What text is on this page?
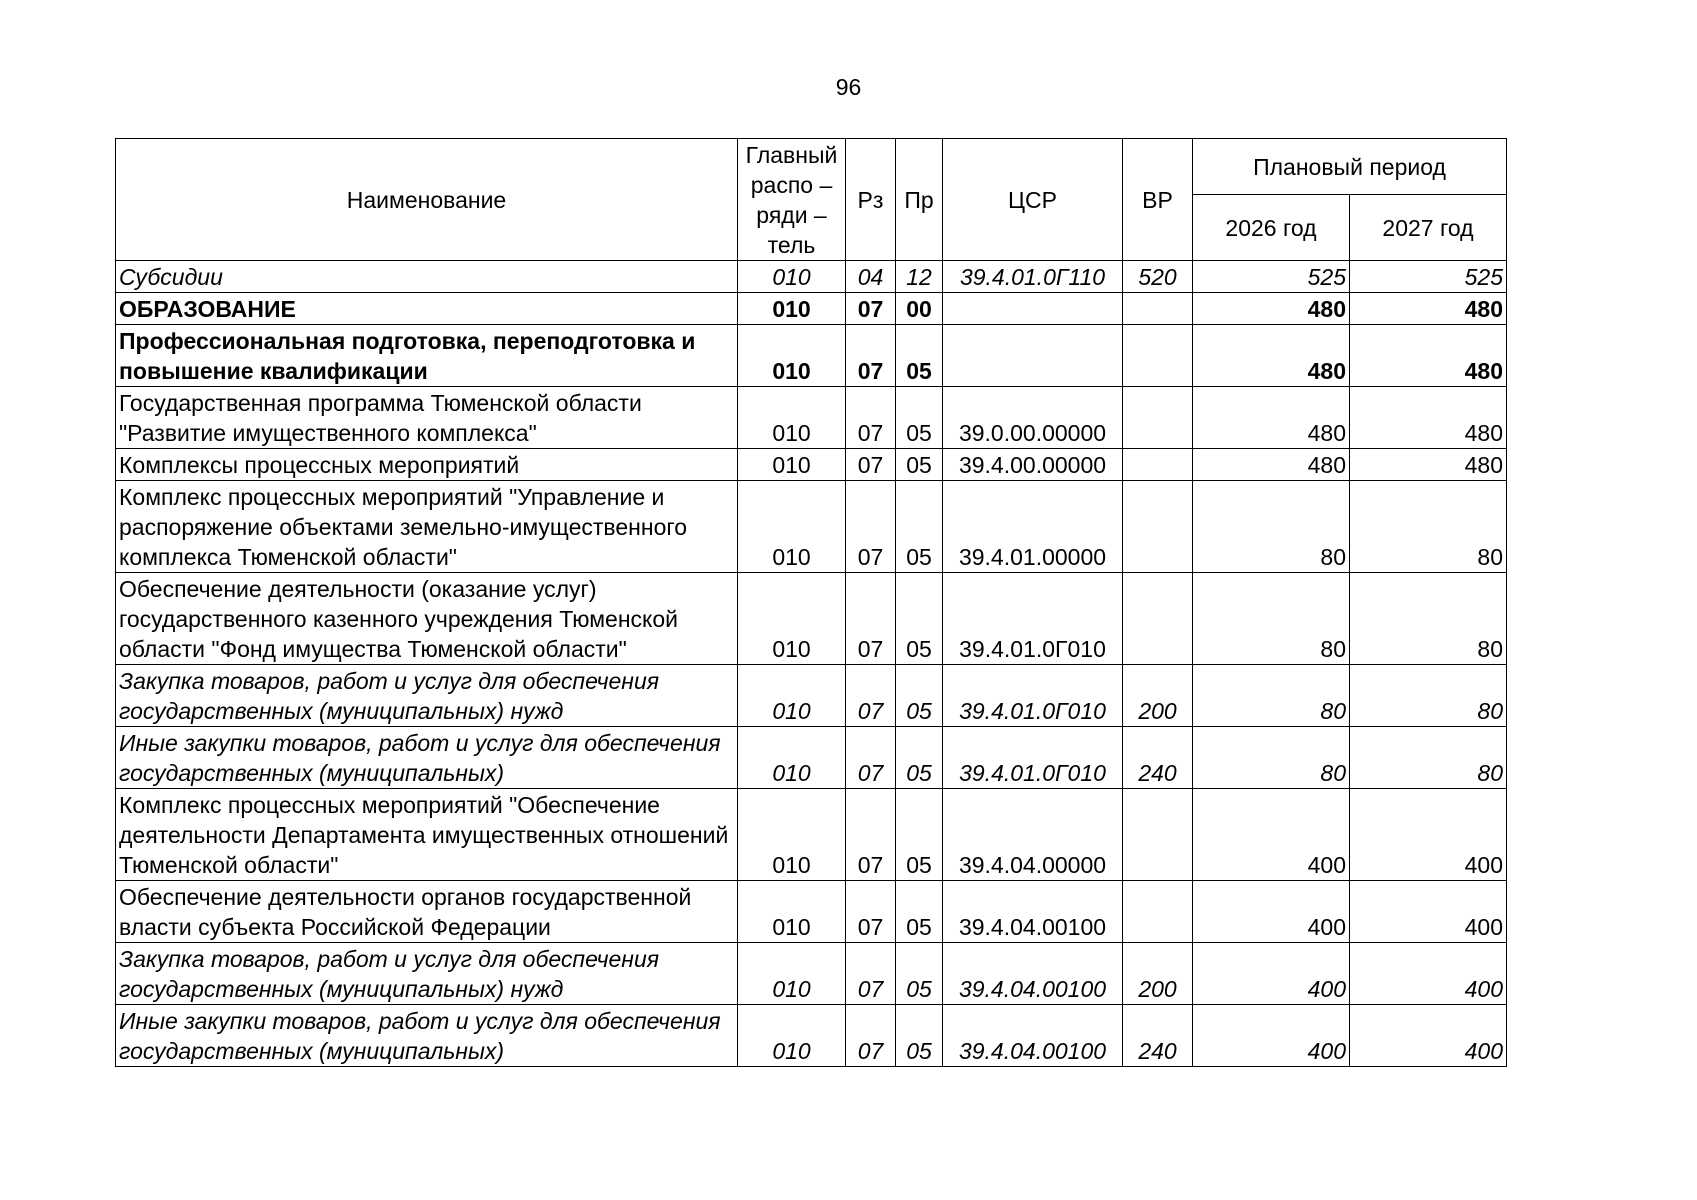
96
Наименование	Главный
распо –
ряди –
тель	Рз	Пр	ЦСР	ВР	Плановый период	
						2026 год	2027 год
Субсидии	010	04	12	39.4.01.0Г110	520	525	525
ОБРАЗОВАНИЕ	010	07	00			480	480
Профессиональная подготовка, переподготовка и повышение квалификации	010	07	05			480	480
Государственная программа Тюменской области "Развитие имущественного комплекса"	010	07	05	39.0.00.00000		480	480
Комплексы процессных мероприятий	010	07	05	39.4.00.00000		480	480
Комплекс процессных мероприятий "Управление и распоряжение объектами земельно-имущественного комплекса Тюменской области"	010	07	05	39.4.01.00000		80	80
Обеспечение деятельности (оказание услуг) государственного казенного учреждения Тюменской области "Фонд имущества Тюменской области"	010	07	05	39.4.01.0Г010		80	80
Закупка товаров, работ и услуг для обеспечения государственных (муниципальных) нужд	010	07	05	39.4.01.0Г010	200	80	80
Иные закупки товаров, работ и услуг для обеспечения государственных (муниципальных)	010	07	05	39.4.01.0Г010	240	80	80
Комплекс процессных мероприятий "Обеспечение деятельности Департамента имущественных отношений Тюменской области"	010	07	05	39.4.04.00000		400	400
Обеспечение деятельности органов государственной власти субъекта Российской Федерации	010	07	05	39.4.04.00100		400	400
Закупка товаров, работ и услуг для обеспечения государственных (муниципальных) нужд	010	07	05	39.4.04.00100	200	400	400
Иные закупки товаров, работ и услуг для обеспечения государственных (муниципальных)	010	07	05	39.4.04.00100	240	400	400
